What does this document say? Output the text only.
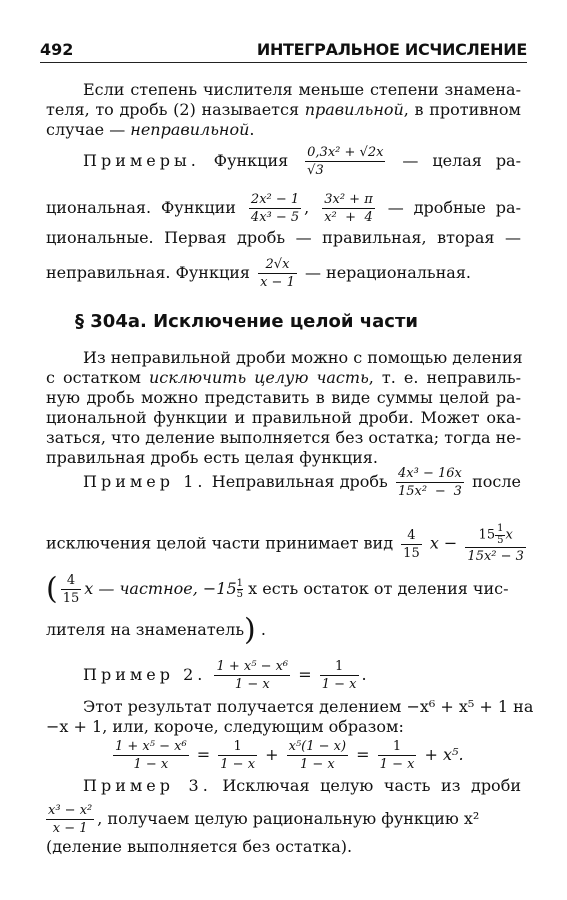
492	ИНТЕГРАЛЬНОЕ ИСЧИСЛЕНИЕ
Если степень числителя меньше степени знамена-
теля, то дробь (2) называется правильной, в противном
случае — неправильной.
Примеры. Функция $\frac{\text{0,3x² + √2x}}{√3}$ — целая ра-
циональная. Функции $\frac{\text{2x² − 1}}{\text{4x³ − 5}}$ , $\frac{\text{3x² + π}}{\text{x² + 4}}$ — дробные ра-
циональные. Первая дробь — правильная, вторая —
неправильная. Функция $\frac{2√x}{x - 1}$ — нерациональная.
§ 304а. Исключение целой части
Из неправильной дроби можно с помощью деления
с остатком исключить целую часть, т. е. неправиль-
ную дробь можно представить в виде суммы целой ра-
циональной функции и правильной дроби. Может ока-
заться, что деление выполняется без остатка; тогда не-
правильная дробь есть целая функция.
Пример 1. Неправильная дробь $\frac{\text{4x³ − 16x}}{\text{15x² − 3}}$ после
исключения целой части принимает вид $\frac{4}{15}$ $x - \frac{15 \frac{1}{5}x}{\text{15x² − 3}}$
( $\frac{4}{15}$ x — частное, $-15 \frac{1}{5}$ x есть остаток от деления чис-
лителя на знаменатель) .
Пример 2. $\frac{\text{1 + x⁵ − x⁶}}{1 - x} = \frac{1}{1 - x}$ .
Этот результат получается делением −x⁶ + x⁵ + 1 на
−x + 1, или, короче, следующим образом:
$\frac{\text{1 + x⁵ − x⁶}}{1 - x} = \frac{1}{1 - x} + \frac{\text{x⁵(1 − x)}}{1 - x} = \frac{1}{1 - x} + x^5$.
Пример 3. Исключая целую часть из дроби
$\frac{\text{x³ − x²}}{x - 1}$ , получаем целую рациональную функцию x²
(деление выполняется без остатка).
